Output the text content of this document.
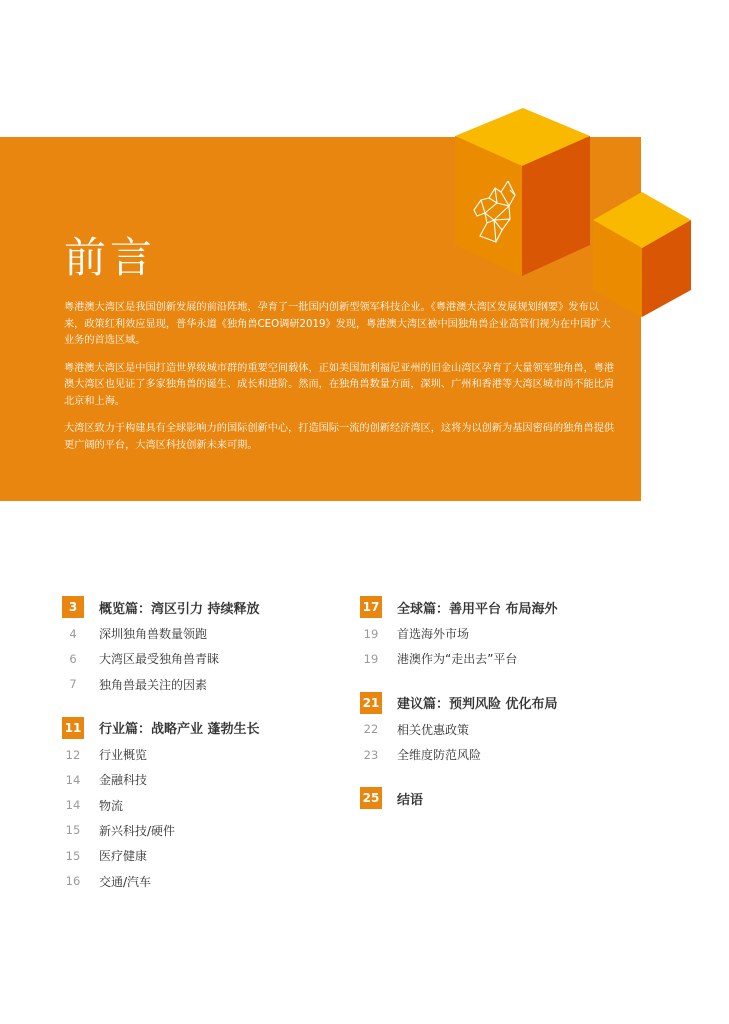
前言

粤港澳大湾区是我国创新发展的前沿阵地，孕育了一批国内创新型领军科技企业。《粤港澳大湾区发展规划纲要》发布以来，政策红利效应显现，普华永道《独角兽CEO调研2019》发现，粤港澳大湾区被中国独角兽企业高管们视为在中国扩大业务的首选区域。

粤港澳大湾区是中国打造世界级城市群的重要空间载体，正如美国加利福尼亚州的旧金山湾区孕育了大量领军独角兽，粤港澳大湾区也见证了多家独角兽的诞生、成长和进阶。然而，在独角兽数量方面，深圳、广州和香港等大湾区城市尚不能比肩北京和上海。

大湾区致力于构建具有全球影响力的国际创新中心，打造国际一流的创新经济湾区，这将为以创新为基因密码的独角兽提供更广阔的平台，大湾区科技创新未来可期。

3	概览篇：湾区引力 持续释放
4	深圳独角兽数量领跑
6	大湾区最受独角兽青睐
7	独角兽最关注的因素
11 行业篇：战略产业 蓬勃生长
12	行业概览
14	金融科技
14	物流
15	新兴科技/硬件
15	医疗健康
16	交通/汽车
17 全球篇：善用平台 布局海外
19	首选海外市场
19	港澳作为“走出去”平台
21 建议篇：预判风险 优化布局
22	相关优惠政策
23	全维度防范风险
25 结语
